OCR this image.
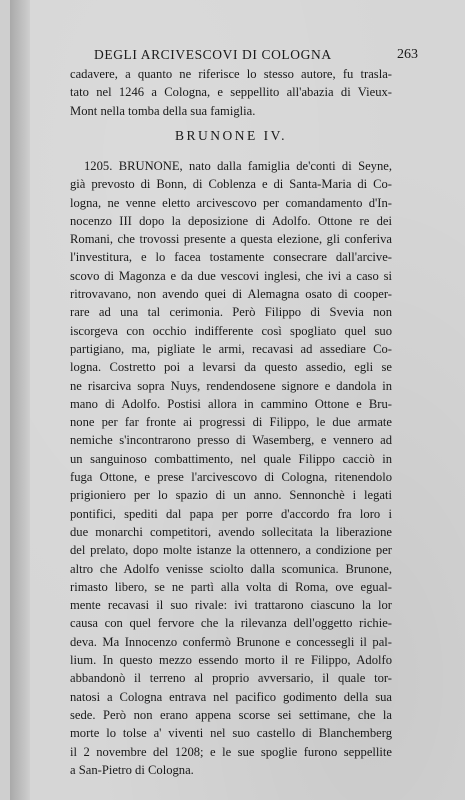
DEGLI ARCIVESCOVI DI COLOGNA	263
cadavere, a quanto ne riferisce lo stesso autore, fu trasla-
tato nel 1246 a Cologna, e seppellito all'abazia di Vieux-
Mont nella tomba della sua famiglia.
BRUNONE IV.
1205. BRUNONE, nato dalla famiglia de'conti di Seyne,
già prevosto di Bonn, di Coblenza e di Santa-Maria di Co-
logna, ne venne eletto arcivescovo per comandamento d'In-
nocenzo III dopo la deposizione di Adolfo. Ottone re dei
Romani, che trovossi presente a questa elezione, gli conferiva
l'investitura, e lo facea tostamente consecrare dall'arcive-
scovo di Magonza e da due vescovi inglesi, che ivi a caso si
ritrovavano, non avendo quei di Alemagna osato di cooper-
rare ad una tal cerimonia. Però Filippo di Svevia non
iscorgeva con occhio indifferente così spogliato quel suo
partigiano, ma, pigliate le armi, recavasi ad assediare Co-
logna. Costretto poi a levarsi da questo assedio, egli se
ne risarciva sopra Nuys, rendendosene signore e dandola in
mano di Adolfo. Postisi allora in cammino Ottone e Bru-
none per far fronte ai progressi di Filippo, le due armate
nemiche s'incontrarono presso di Wasemberg, e vennero ad
un sanguinoso combattimento, nel quale Filippo cacciò in
fuga Ottone, e prese l'arcivescovo di Cologna, ritenendolo
prigioniero per lo spazio di un anno. Sennonchè i legati
pontifici, spediti dal papa per porre d'accordo fra loro i
due monarchi competitori, avendo sollecitata la liberazione
del prelato, dopo molte istanze la ottennero, a condizione per
altro che Adolfo venisse sciolto dalla scomunica. Brunone,
rimasto libero, se ne partì alla volta di Roma, ove egual-
mente recavasi il suo rivale: ivi trattarono ciascuno la lor
causa con quel fervore che la rilevanza dell'oggetto richie-
deva. Ma Innocenzo confermò Brunone e concessegli il pal-
lium. In questo mezzo essendo morto il re Filippo, Adolfo
abbandonò il terreno al proprio avversario, il quale tor-
natosi a Cologna entrava nel pacifico godimento della sua
sede. Però non erano appena scorse sei settimane, che la
morte lo tolse a' viventi nel suo castello di Blanchemberg
il 2 novembre del 1208; e le sue spoglie furono seppellite
a San-Pietro di Cologna.
